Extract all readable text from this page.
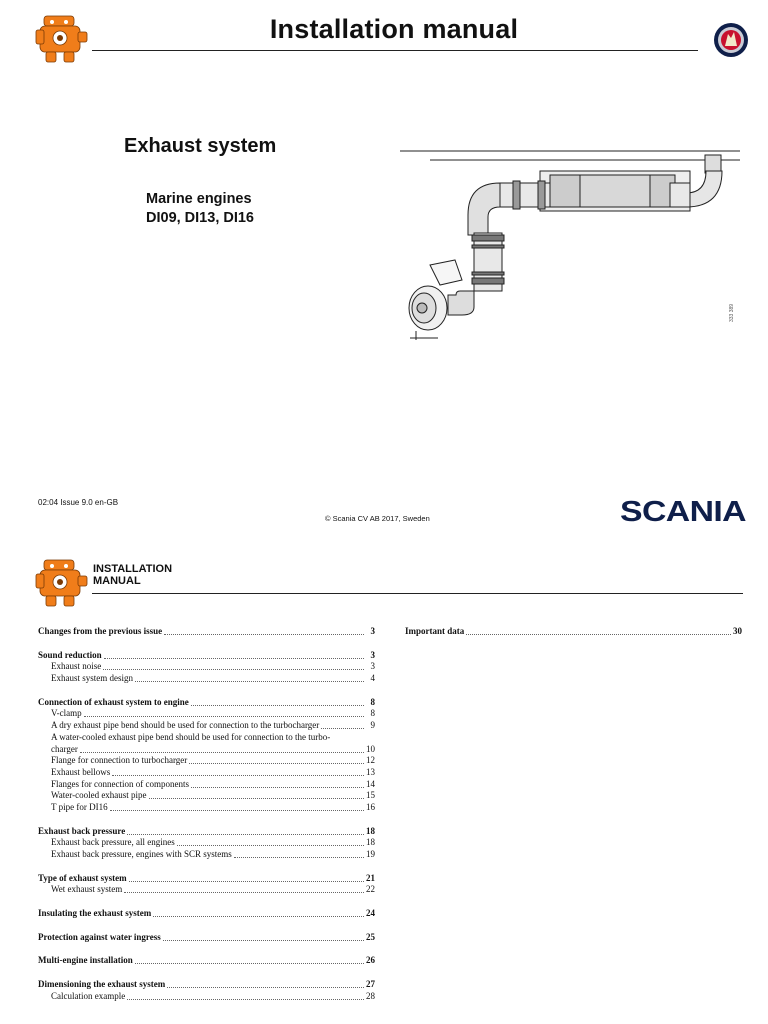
Installation manual
Exhaust system
Marine engines
DI09, DI13, DI16
333 389
02:04 Issue 9.0 en-GB
© Scania CV AB 2017, Sweden	SCANIA
INSTALLATION
MANUAL
Changes from the previous issue	3
Sound reduction	3
Exhaust noise	3
Exhaust system design	4
Connection of exhaust system to engine	8
V-clamp	8
A dry exhaust pipe bend should be used for connection to the turbocharger	9
A water-cooled exhaust pipe bend should be used for connection to the turbo-
charger	10
Flange for connection to turbocharger	12
Exhaust bellows	13
Flanges for connection of components	14
Water-cooled exhaust pipe	15
T pipe for DI16	16
Exhaust back pressure	18
Exhaust back pressure, all engines	18
Exhaust back pressure, engines with SCR systems	19
Type of exhaust system	21
Wet exhaust system	22
Insulating the exhaust system	24
Protection against water ingress	25
Multi-engine installation	26
Dimensioning the exhaust system	27
Calculation example	28
Important data	30
